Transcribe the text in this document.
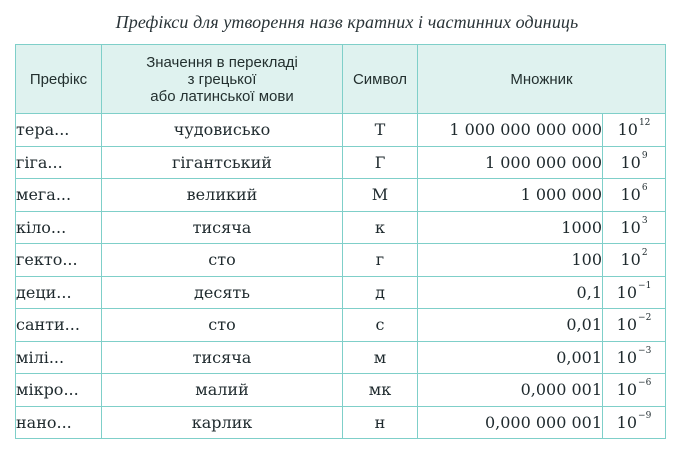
Префікси для утворення назв кратних і частинних одиниць
Префікс	Значення в перекладі
з грецької
або латинської мови	Символ	Множник	
тера...	чудовисько	Т	1 000 000 000 000	$10^{12}$
гіга...	гігантський	Г	1 000 000 000	$10^9$
мега...	великий	М	1 000 000	$10^6$
кіло...	тисяча	к	1000	$10^3$
гекто...	сто	г	100	$10^2$
деци...	десять	д	0,1	$10^{-1}$
санти...	сто	с	0,01	$10^{-2}$
мілі...	тисяча	м	0,001	$10^{-3}$
мікро...	малий	мк	0,000 001	$10^{-6}$
нано...	карлик	н	0,000 000 001	$10^{-9}$
